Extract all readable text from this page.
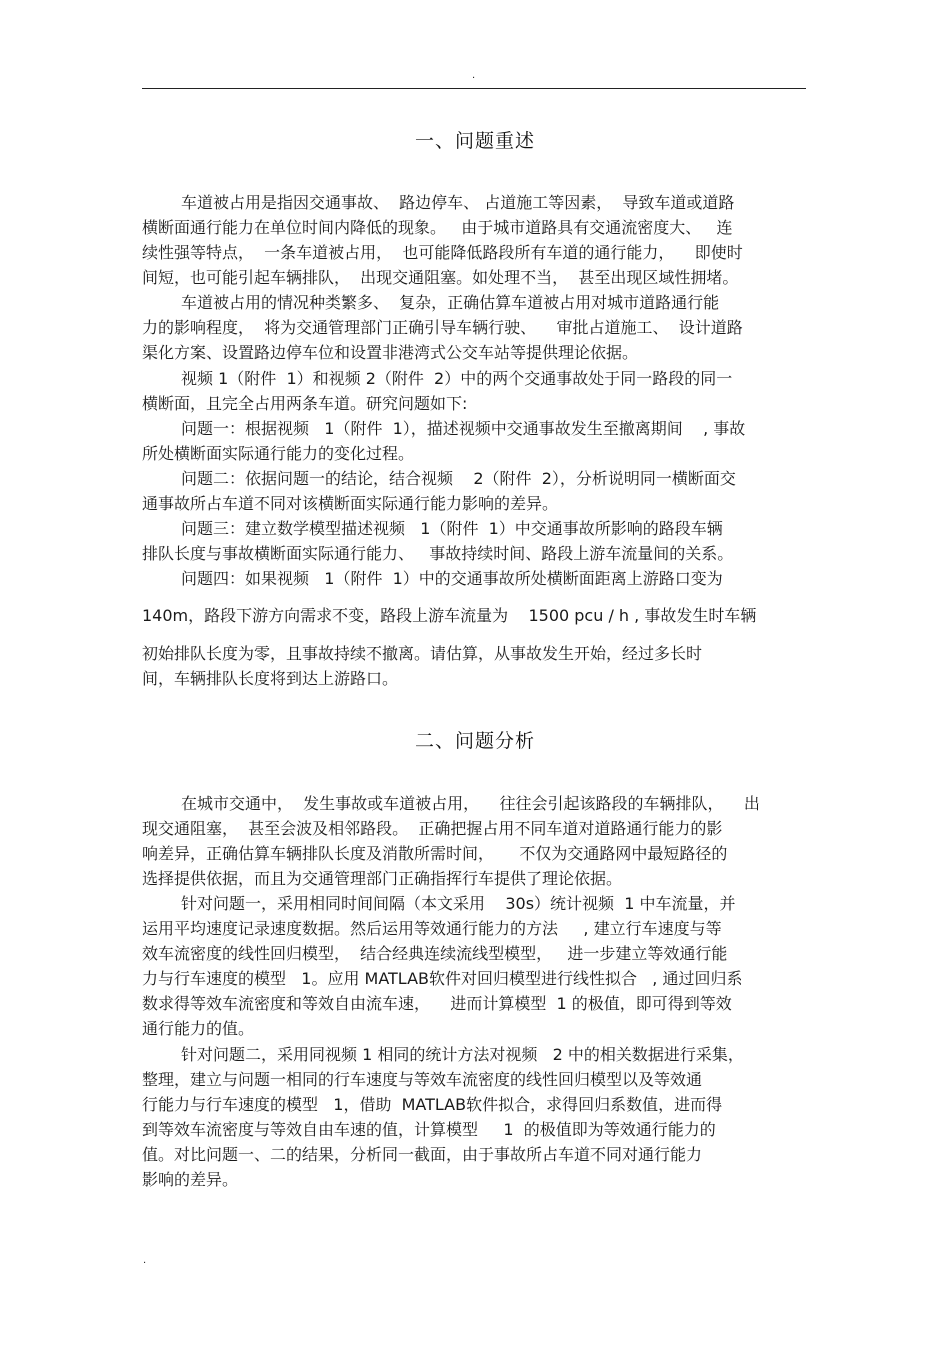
.
一、问题重述
车道被占用是指因交通事故、  路边停车、 占道施工等因素，  导致车道或道路
横断面通行能力在单位时间内降低的现象。   由于城市道路具有交通流密度大、   连
续性强等特点，  一条车道被占用，  也可能降低路段所有车道的通行能力，    即使时
间短，也可能引起车辆排队，  出现交通阻塞。如处理不当，  甚至出现区域性拥堵。
车道被占用的情况种类繁多、  复杂，正确估算车道被占用对城市道路通行能
力的影响程度，  将为交通管理部门正确引导车辆行驶、    审批占道施工、  设计道路
渠化方案、设置路边停车位和设置非港湾式公交车站等提供理论依据。
视频 1（附件  1）和视频 2（附件  2）中的两个交通事故处于同一路段的同一
横断面，且完全占用两条车道。研究问题如下:
问题一：根据视频   1（附件  1），描述视频中交通事故发生至撤离期间    , 事故
所处横断面实际通行能力的变化过程。
问题二：依据问题一的结论，结合视频    2（附件  2），分析说明同一横断面交
通事故所占车道不同对该横断面实际通行能力影响的差异。
问题三：建立数学模型描述视频   1（附件  1）中交通事故所影响的路段车辆
排队长度与事故横断面实际通行能力、   事故持续时间、路段上游车流量间的关系。
问题四：如果视频   1（附件  1）中的交通事故所处横断面距离上游路口变为
140m，路段下游方向需求不变，路段上游车流量为    1500 pcu / h , 事故发生时车辆
初始排队长度为零，且事故持续不撤离。请估算，从事故发生开始，经过多长时
间，车辆排队长度将到达上游路口。
二、问题分析
在城市交通中，  发生事故或车道被占用，    往往会引起该路段的车辆排队，    出
现交通阻塞，  甚至会波及相邻路段。  正确把握占用不同车道对道路通行能力的影
响差异，正确估算车辆排队长度及消散所需时间，     不仅为交通路网中最短路径的
选择提供依据，而且为交通管理部门正确指挥行车提供了理论依据。
针对问题一，采用相同时间间隔（本文采用    30s）统计视频  1 中车流量，并
运用平均速度记录速度数据。然后运用等效通行能力的方法     , 建立行车速度与等
效车流密度的线性回归模型，  结合经典连续流线型模型，   进一步建立等效通行能
力与行车速度的模型   1。应用 MATLAB软件对回归模型进行线性拟合   , 通过回归系
数求得等效车流密度和等效自由流车速，    进而计算模型  1 的极值，即可得到等效
通行能力的值。
针对问题二，采用同视频 1 相同的统计方法对视频   2 中的相关数据进行采集，
整理，建立与问题一相同的行车速度与等效车流密度的线性回归模型以及等效通
行能力与行车速度的模型   1，借助  MATLAB软件拟合，求得回归系数值，进而得
到等效车流密度与等效自由车速的值，计算模型     1  的极值即为等效通行能力的
值。对比问题一、二的结果，分析同一截面，由于事故所占车道不同对通行能力
影响的差异。
.
